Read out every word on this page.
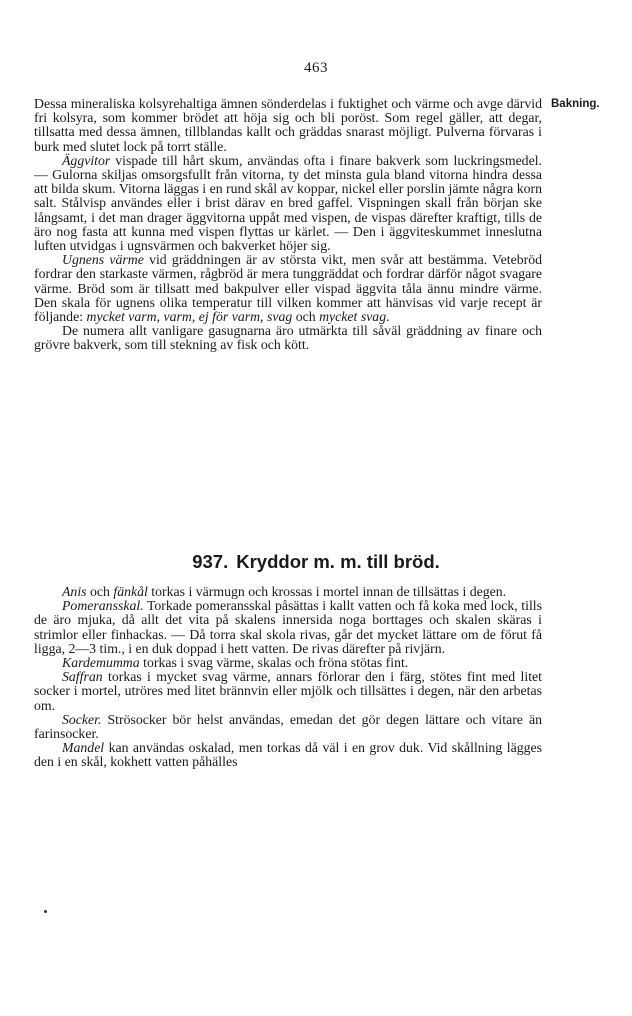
463
Bakning.

Dessa mineraliska kolsyrehaltiga ämnen sönderdelas i fuktighet och värme och avge därvid fri kolsyra, som kommer brödet att höja sig och bli poröst. Som regel gäller, att degar, tillsatta med dessa ämnen, tillblandas kallt och gräddas snarast möjligt. Pulverna förvaras i burk med slutet lock på torrt ställe.

Äggvitor vispade till hårt skum, användas ofta i finare bakverk som luckringsmedel. — Gulorna skiljas omsorgsfullt från vitorna, ty det minsta gula bland vitorna hindra dessa att bilda skum. Vitorna läggas i en rund skål av koppar, nickel eller porslin jämte några korn salt. Stålvisp användes eller i brist därav en bred gaffel. Vispningen skall från början ske långsamt, i det man drager äggvitorna uppåt med vispen, de vispas därefter kraftigt, tills de äro nog fasta att kunna med vispen flyttas ur kärlet. — Den i äggviteskummet inneslutna luften utvidgas i ugnsvärmen och bakverket höjer sig.

Ugnens värme vid gräddningen är av största vikt, men svår att bestämma. Vetebröd fordrar den starkaste värmen, rågbröd är mera tunggräddat och fordrar därför något svagare värme. Bröd som är tillsatt med bakpulver eller vispad äggvita tåla ännu mindre värme. Den skala för ugnens olika temperatur till vilken kommer att hänvisas vid varje recept är följande: mycket varm, varm, ej för varm, svag och mycket svag.

De numera allt vanligare gasugnarna äro utmärkta till såväl gräddning av finare och grövre bakverk, som till stekning av fisk och kött.

937. Kryddor m. m. till bröd.

Anis och fänkål torkas i värmugn och krossas i mortel innan de tillsättas i degen.

Pomeransskal. Torkade pomeransskal påsättas i kallt vatten och få koka med lock, tills de äro mjuka, då allt det vita på skalens innersida noga borttages och skalen skäras i strimlor eller finhackas. — Då torra skal skola rivas, går det mycket lättare om de förut få ligga, 2—3 tim., i en duk doppad i hett vatten. De rivas därefter på rivjärn.

Kardemumma torkas i svag värme, skalas och fröna stötas fint.

Saffran torkas i mycket svag värme, annars förlorar den i färg, stötes fint med litet socker i mortel, utröres med litet brännvin eller mjölk och tillsättes i degen, när den arbetas om.

Socker. Strösocker bör helst användas, emedan det gör degen lättare och vitare än farinsocker.

Mandel kan användas oskalad, men torkas då väl i en grov duk. Vid skållning lägges den i en skål, kokhett vatten påhälles
